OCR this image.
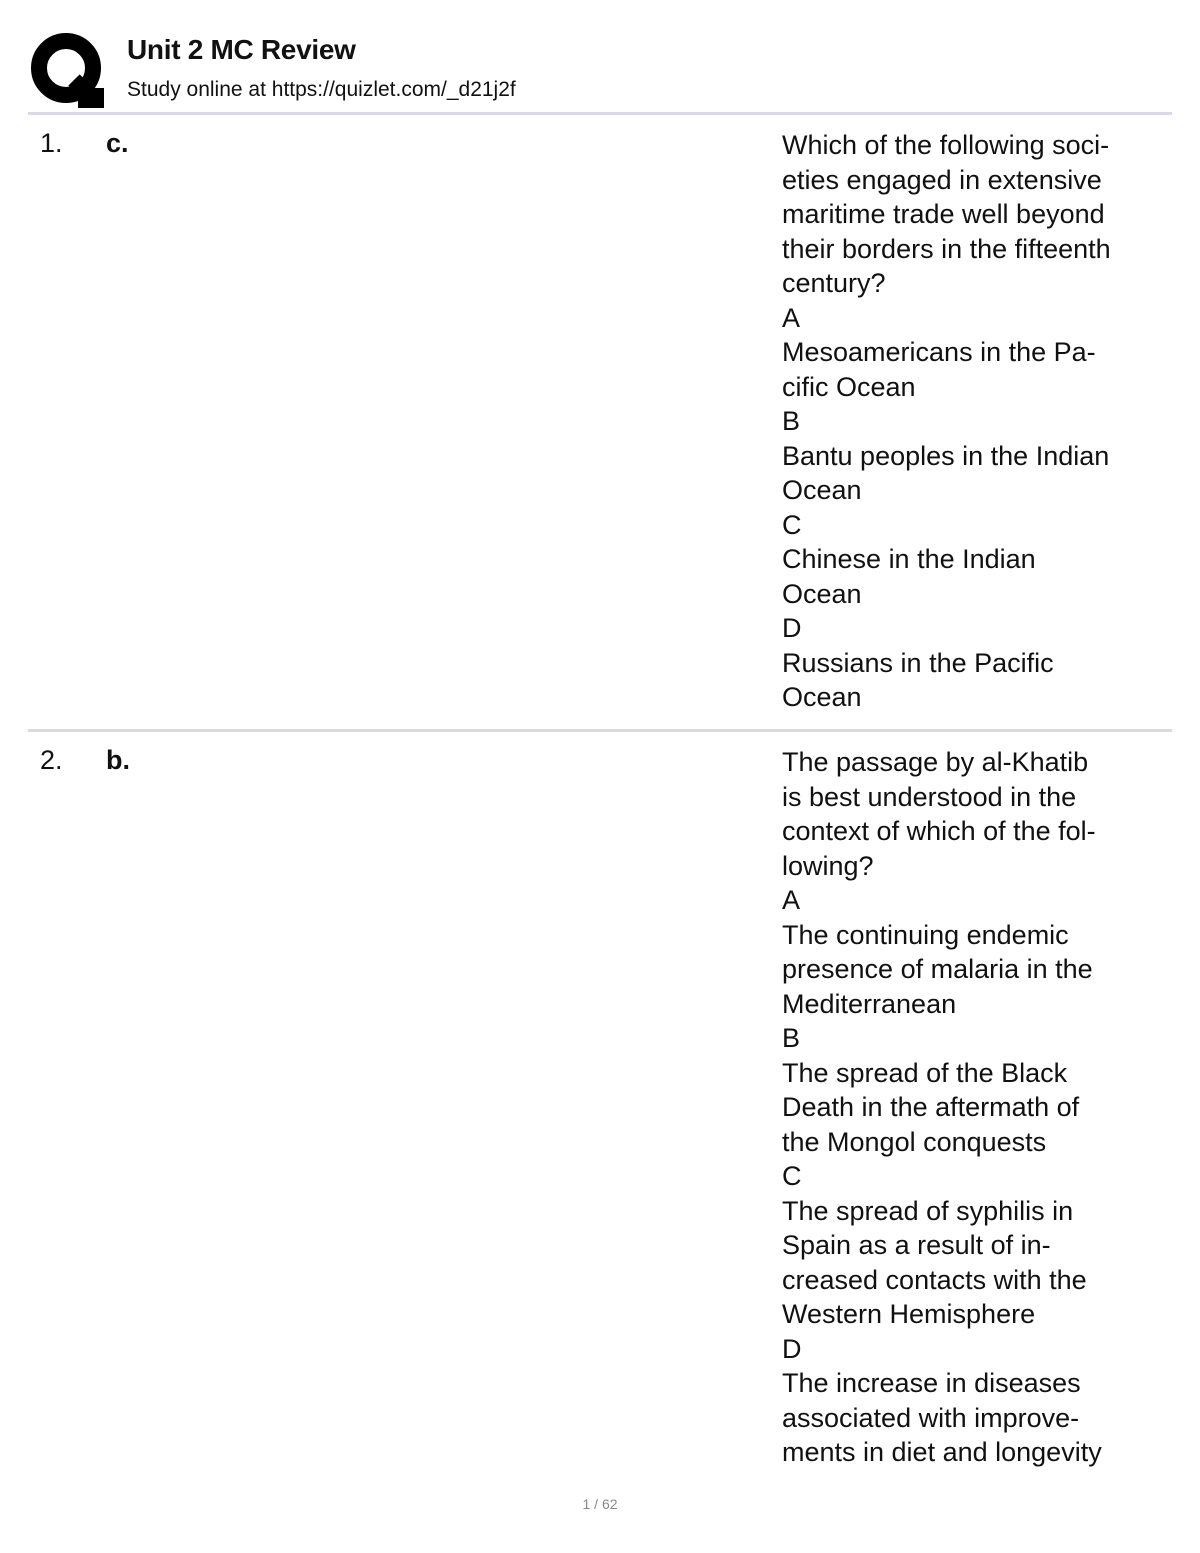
Unit 2 MC Review
Study online at https://quizlet.com/_d21j2f
1. c.	Which of the following soci-
eties engaged in extensive
maritime trade well beyond
their borders in the fifteenth
century?
A
Mesoamericans in the Pa-
cific Ocean
B
Bantu peoples in the Indian
Ocean
C
Chinese in the Indian
Ocean
D
Russians in the Pacific
Ocean

2. b.	The passage by al-Khatib
is best understood in the
context of which of the fol-
lowing?
A
The continuing endemic
presence of malaria in the
Mediterranean
B
The spread of the Black
Death in the aftermath of
the Mongol conquests
C
The spread of syphilis in
Spain as a result of in-
creased contacts with the
Western Hemisphere
D
The increase in diseases
associated with improve-
ments in diet and longevity

1 / 62
